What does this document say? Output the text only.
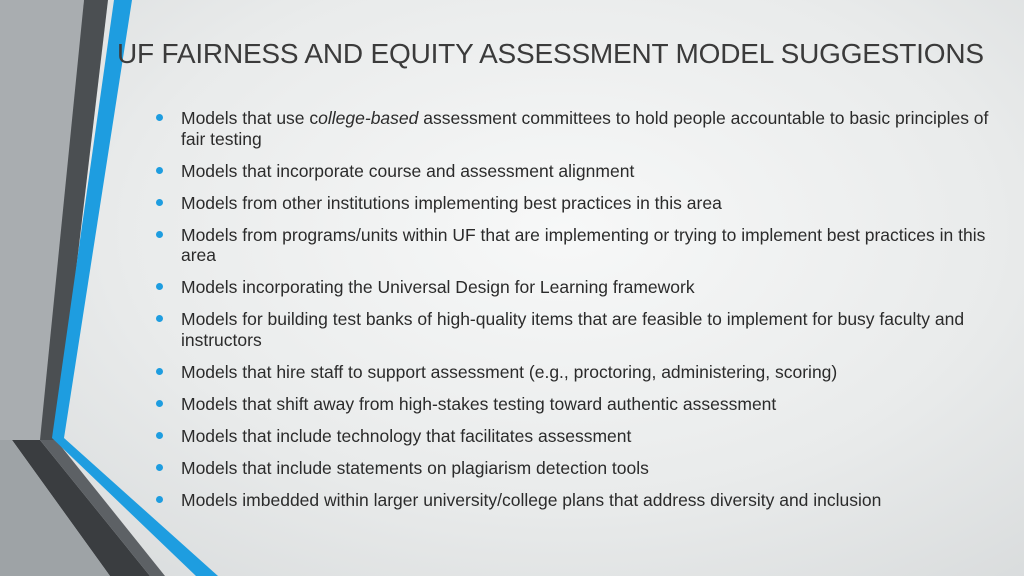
UF FAIRNESS AND EQUITY ASSESSMENT MODEL SUGGESTIONS
Models that use college-based assessment committees to hold people accountable to basic principles of fair testing
Models that incorporate course and assessment alignment
Models from other institutions implementing best practices in this area
Models from programs/units within UF that are implementing or trying to implement best practices in this area
Models incorporating the Universal Design for Learning framework
Models for building test banks of high-quality items that are feasible to implement for busy faculty and instructors
Models that hire staff to support assessment (e.g., proctoring, administering, scoring)
Models that shift away from high-stakes testing toward authentic assessment
Models that include technology that facilitates assessment
Models that include statements on plagiarism detection tools
Models imbedded within larger university/college plans that address diversity and inclusion
